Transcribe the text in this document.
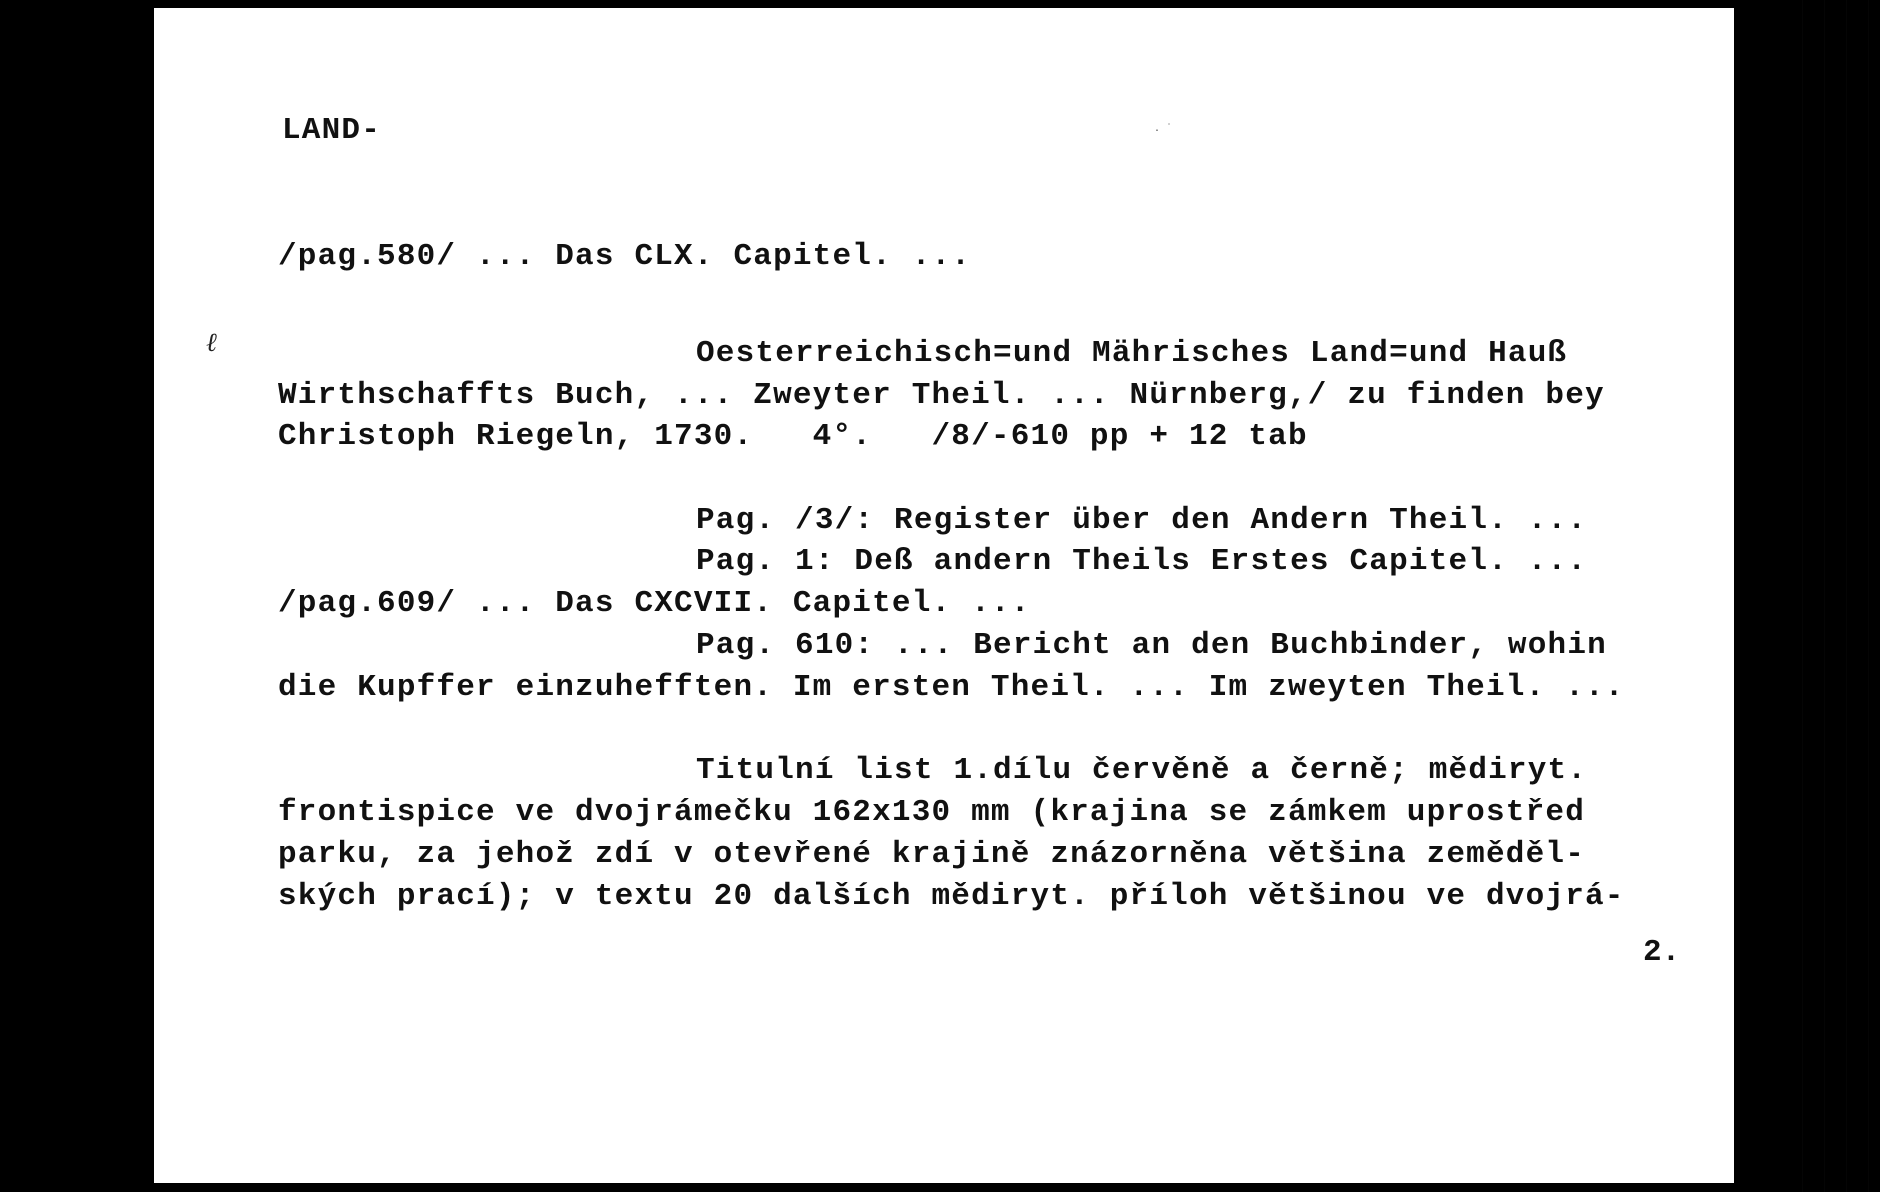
LAND-	. ˙
/pag.580/ ... Das CLX. Capitel. ...
ℓ	Oesterreichisch=und Mährisches Land=und Hauß
Wirthschaffts Buch, ... Zweyter Theil. ... Nürnberg,/ zu finden bey
Christoph Riegeln, 1730.   4°.   /8/-610 pp + 12 tab
Pag. /3/: Register über den Andern Theil. ...
Pag. 1: Deß andern Theils Erstes Capitel. ...
/pag.609/ ... Das CXCVII. Capitel. ...
Pag. 610: ... Bericht an den Buchbinder, wohin
die Kupffer einzuhefften. Im ersten Theil. ... Im zweyten Theil. ...
Titulní list 1.dílu červěně a černě; mědiryt.
frontispice ve dvojrámečku 162x130 mm (krajina se zámkem uprostřed
parku, za jehož zdí v otevřené krajině znázorněna většina zeměděl-
ských prací); v textu 20 dalších mědiryt. příloh většinou ve dvojrá-
2.
